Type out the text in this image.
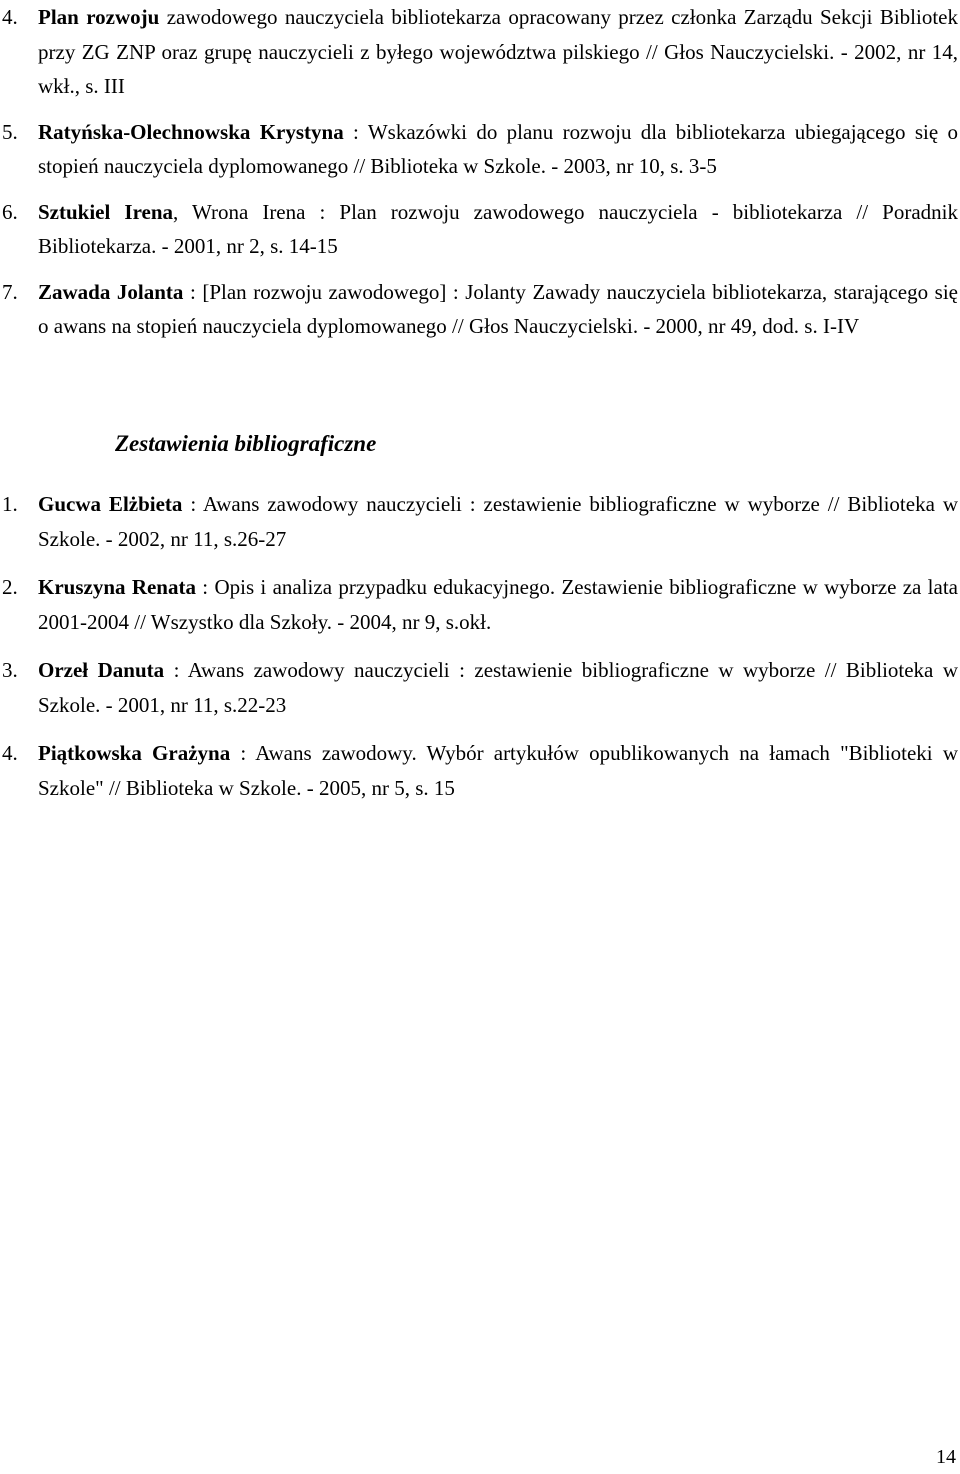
4. Plan rozwoju zawodowego nauczyciela bibliotekarza opracowany przez członka Zarządu Sekcji Bibliotek przy ZG ZNP oraz grupę nauczycieli z byłego województwa pilskiego // Głos Nauczycielski. - 2002, nr 14, wkł., s. III
5. Ratyńska-Olechnowska Krystyna : Wskazówki do planu rozwoju dla bibliotekarza ubiegającego się o stopień nauczyciela dyplomowanego // Biblioteka w Szkole. - 2003, nr 10, s. 3-5
6. Sztukiel Irena, Wrona Irena : Plan rozwoju zawodowego nauczyciela - bibliotekarza // Poradnik Bibliotekarza. - 2001, nr 2, s. 14-15
7. Zawada Jolanta : [Plan rozwoju zawodowego] : Jolanty Zawady nauczyciela bibliotekarza, starającego się o awans na stopień nauczyciela dyplomowanego // Głos Nauczycielski. - 2000, nr 49, dod. s. I-IV
Zestawienia bibliograficzne
1. Gucwa Elżbieta : Awans zawodowy nauczycieli : zestawienie bibliograficzne w wyborze // Biblioteka w Szkole. - 2002, nr 11, s.26-27
2. Kruszyna Renata : Opis i analiza przypadku edukacyjnego. Zestawienie bibliograficzne w wyborze za lata 2001-2004 // Wszystko dla Szkoły. - 2004, nr 9, s.okł.
3. Orzeł Danuta : Awans zawodowy nauczycieli : zestawienie bibliograficzne w wyborze // Biblioteka w Szkole. - 2001, nr 11, s.22-23
4. Piątkowska Grażyna : Awans zawodowy. Wybór artykułów opublikowanych na łamach "Biblioteki w Szkole" // Biblioteka w Szkole. - 2005, nr 5, s. 15
14
